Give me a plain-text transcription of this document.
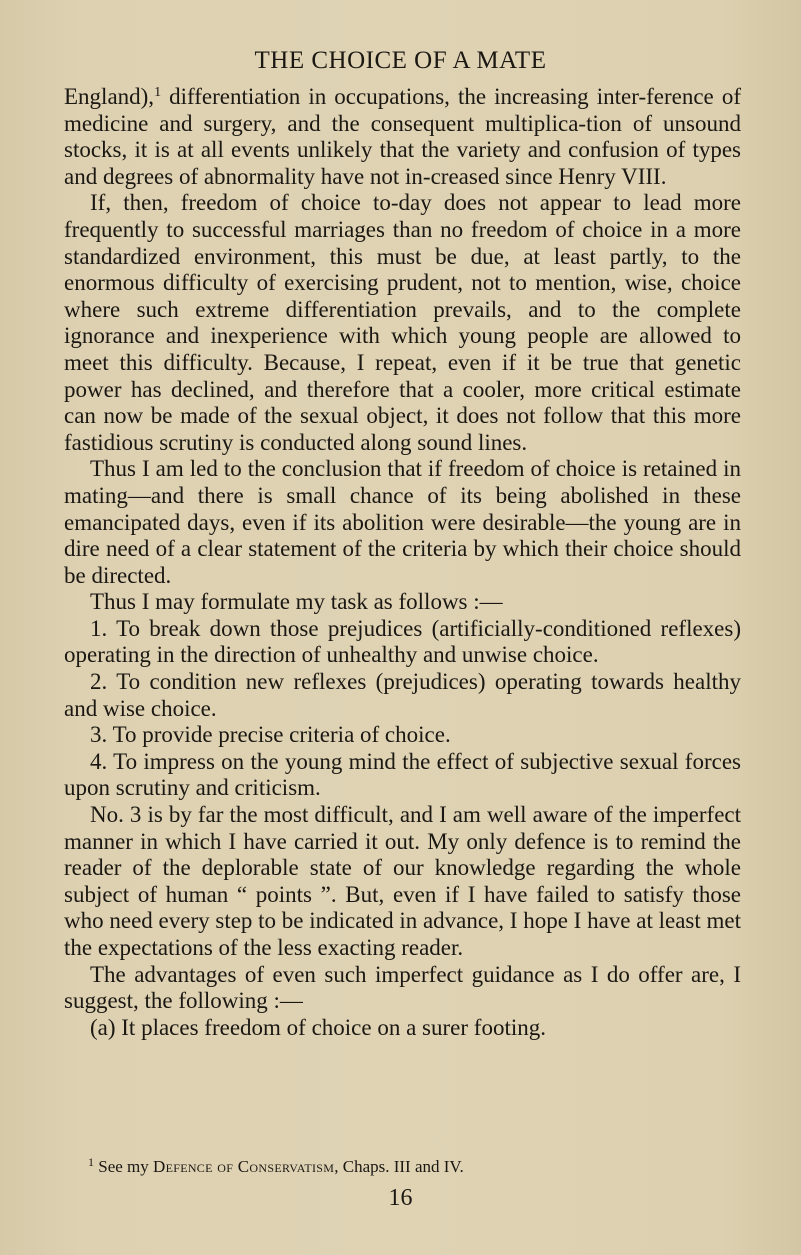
THE CHOICE OF A MATE

England),$^1$ differentiation in occupations, the increasing inter-ference of medicine and surgery, and the consequent multiplica-tion of unsound stocks, it is at all events unlikely that the variety and confusion of types and degrees of abnormality have not in-creased since Henry VIII.

If, then, freedom of choice to-day does not appear to lead more frequently to successful marriages than no freedom of choice in a more standardized environment, this must be due, at least partly, to the enormous difficulty of exercising prudent, not to mention, wise, choice where such extreme differentiation prevails, and to the complete ignorance and inexperience with which young people are allowed to meet this difficulty. Because, I repeat, even if it be true that genetic power has declined, and therefore that a cooler, more critical estimate can now be made of the sexual object, it does not follow that this more fastidious scrutiny is conducted along sound lines.

Thus I am led to the conclusion that if freedom of choice is retained in mating—and there is small chance of its being abolished in these emancipated days, even if its abolition were desirable—the young are in dire need of a clear statement of the criteria by which their choice should be directed.

Thus I may formulate my task as follows :—

1. To break down those prejudices (artificially-conditioned reflexes) operating in the direction of unhealthy and unwise choice.

2. To condition new reflexes (prejudices) operating towards healthy and wise choice.

3. To provide precise criteria of choice.

4. To impress on the young mind the effect of subjective sexual forces upon scrutiny and criticism.

No. 3 is by far the most difficult, and I am well aware of the imperfect manner in which I have carried it out. My only defence is to remind the reader of the deplorable state of our knowledge regarding the whole subject of human “ points ”. But, even if I have failed to satisfy those who need every step to be indicated in advance, I hope I have at least met the expectations of the less exacting reader.

The advantages of even such imperfect guidance as I do offer are, I suggest, the following :—

(a) It places freedom of choice on a surer footing.

$^1$ See my Defence of Conservatism, Chaps. III and IV.
16
